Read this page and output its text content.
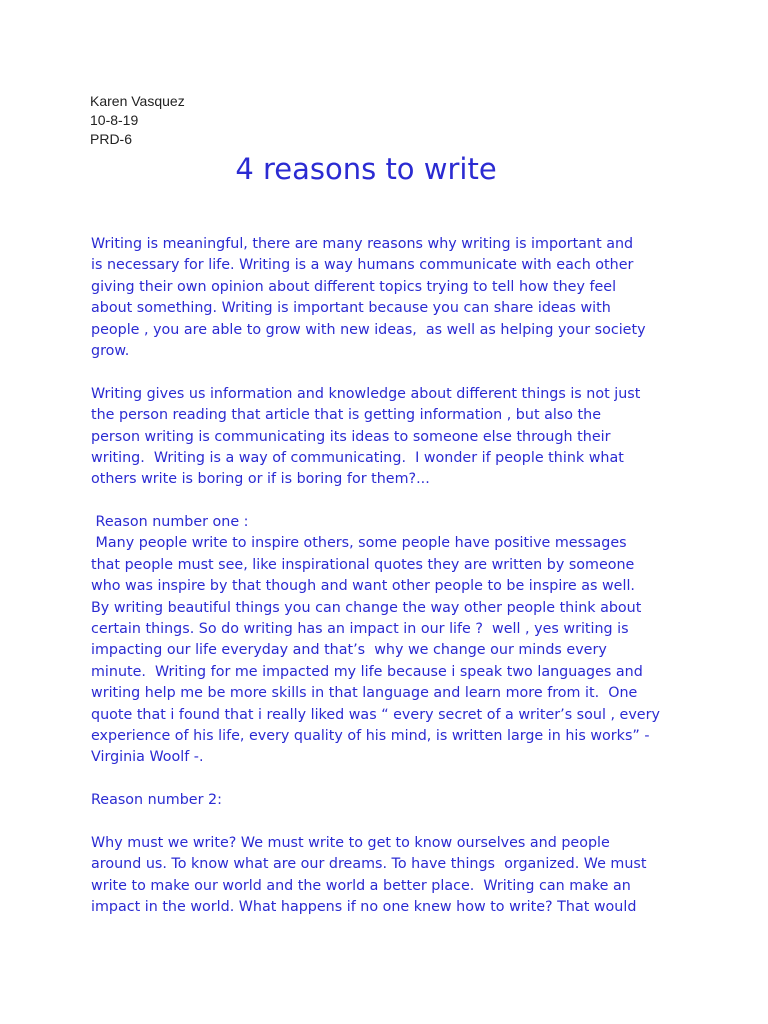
Karen Vasquez
10-8-19
PRD-6
4 reasons to write
Writing is meaningful, there are many reasons why writing is important and
is necessary for life. Writing is a way humans communicate with each other
giving their own opinion about different topics trying to tell how they feel
about something. Writing is important because you can share ideas with
people , you are able to grow with new ideas,  as well as helping your society
grow.
Writing gives us information and knowledge about different things is not just
the person reading that article that is getting information , but also the
person writing is communicating its ideas to someone else through their
writing.  Writing is a way of communicating.  I wonder if people think what
others write is boring or if is boring for them?...
Reason number one :
Many people write to inspire others, some people have positive messages
that people must see, like inspirational quotes they are written by someone
who was inspire by that though and want other people to be inspire as well.
By writing beautiful things you can change the way other people think about
certain things. So do writing has an impact in our life ?  well , yes writing is
impacting our life everyday and that’s  why we change our minds every
minute.  Writing for me impacted my life because i speak two languages and
writing help me be more skills in that language and learn more from it.  One
quote that i found that i really liked was “ every secret of a writer’s soul , every
experience of his life, every quality of his mind, is written large in his works” -
Virginia Woolf -.
Reason number 2:
Why must we write? We must write to get to know ourselves and people
around us. To know what are our dreams. To have things  organized. We must
write to make our world and the world a better place.  Writing can make an
impact in the world. What happens if no one knew how to write? That would
